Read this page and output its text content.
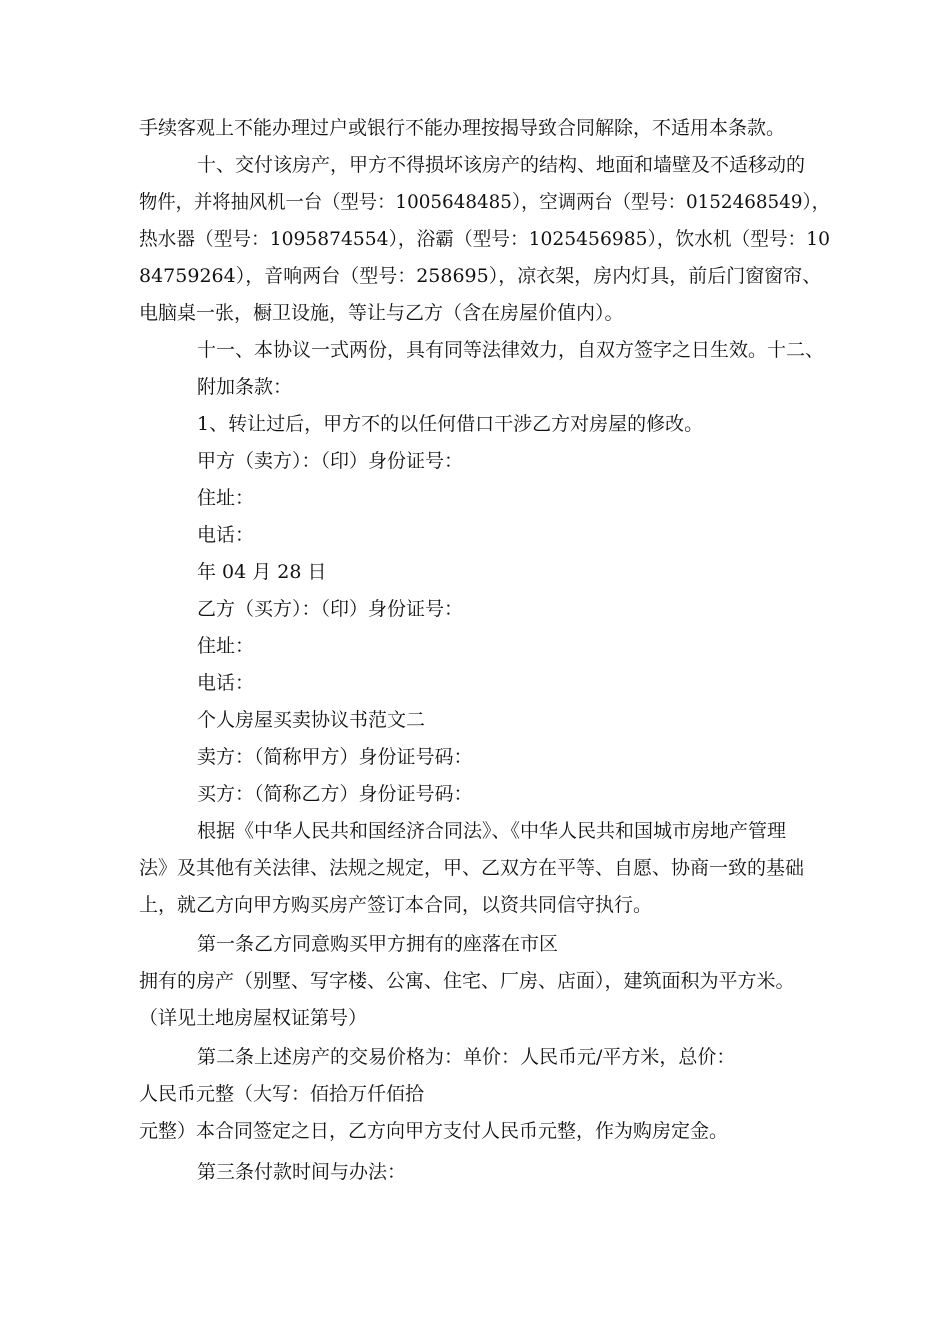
手续客观上不能办理过户或银行不能办理按揭导致合同解除，不适用本条款。
十、交付该房产，甲方不得损坏该房产的结构、地面和墙壁及不适移动的
物件，并将抽风机一台（型号：1005648485），空调两台（型号：0152468549），
热水器（型号：1095874554），浴霸（型号：1025456985），饮水机（型号：10
84759264），音响两台（型号：258695），凉衣架，房内灯具，前后门窗窗帘、
电脑桌一张，橱卫设施，等让与乙方（含在房屋价值内）。
十一、本协议一式两份，具有同等法律效力，自双方签字之日生效。十二、
附加条款：
1、转让过后，甲方不的以任何借口干涉乙方对房屋的修改。
甲方（卖方）：（印）身份证号：
住址：
电话：
年 04 月 28 日
乙方（买方）：（印）身份证号：
住址：
电话：
个人房屋买卖协议书范文二
卖方：（简称甲方）身份证号码：
买方：（简称乙方）身份证号码：
根据《中华人民共和国经济合同法》、《中华人民共和国城市房地产管理
法》及其他有关法律、法规之规定，甲、乙双方在平等、自愿、协商一致的基础
上，就乙方向甲方购买房产签订本合同，以资共同信守执行。
第一条乙方同意购买甲方拥有的座落在市区
拥有的房产（别墅、写字楼、公寓、住宅、厂房、店面），建筑面积为平方米。
（详见土地房屋权证第号）
第二条上述房产的交易价格为：单价：人民币元/平方米，总价：
人民币元整（大写：佰拾万仟佰拾
元整）本合同签定之日，乙方向甲方支付人民币元整，作为购房定金。
第三条付款时间与办法：
